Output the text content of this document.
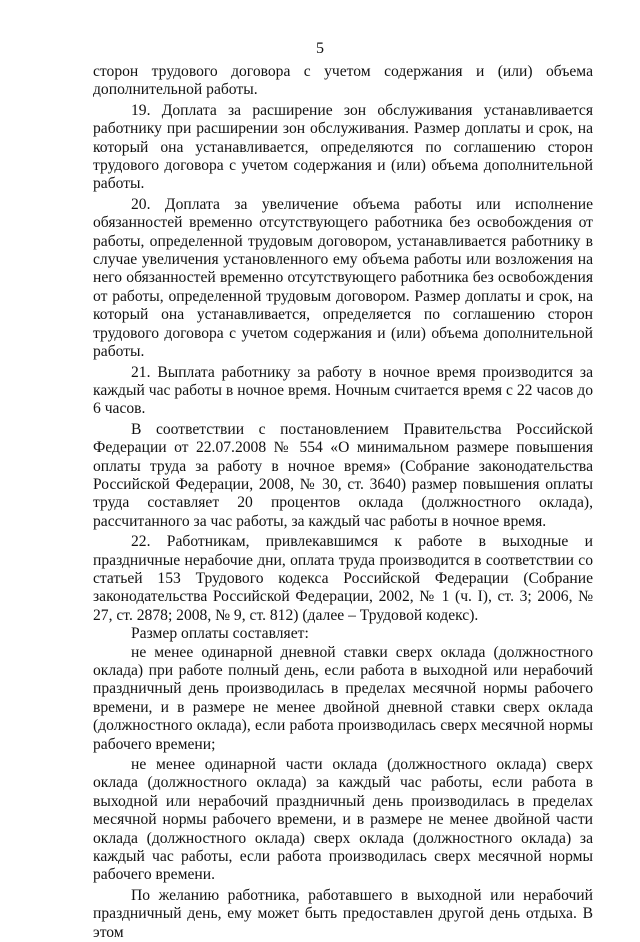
5

сторон трудового договора с учетом содержания и (или) объема дополнительной работы.

19. Доплата за расширение зон обслуживания устанавливается работнику при расширении зон обслуживания. Размер доплаты и срок, на который она устанавливается, определяются по соглашению сторон трудового договора с учетом содержания и (или) объема дополнительной работы.

20. Доплата за увеличение объема работы или исполнение обязанностей временно отсутствующего работника без освобождения от работы, определенной трудовым договором, устанавливается работнику в случае увеличения установленного ему объема работы или возложения на него обязанностей временно отсутствующего работника без освобождения от работы, определенной трудовым договором. Размер доплаты и срок, на который она устанавливается, определяется по соглашению сторон трудового договора с учетом содержания и (или) объема дополнительной работы.

21. Выплата работнику за работу в ночное время производится за каждый час работы в ночное время. Ночным считается время с 22 часов до 6 часов.

В соответствии с постановлением Правительства Российской Федерации от 22.07.2008 № 554 «О минимальном размере повышения оплаты труда за работу в ночное время» (Собрание законодательства Российской Федерации, 2008, № 30, ст. 3640) размер повышения оплаты труда составляет 20 процентов оклада (должностного оклада), рассчитанного за час работы, за каждый час работы в ночное время.

22. Работникам, привлекавшимся к работе в выходные и праздничные нерабочие дни, оплата труда производится в соответствии со статьей 153 Трудового кодекса Российской Федерации (Собрание законодательства Российской Федерации, 2002, № 1 (ч. I), ст. 3; 2006, № 27, ст. 2878; 2008, № 9, ст. 812) (далее – Трудовой кодекс).

Размер оплаты составляет:

не менее одинарной дневной ставки сверх оклада (должностного оклада) при работе полный день, если работа в выходной или нерабочий праздничный день производилась в пределах месячной нормы рабочего времени, и в размере не менее двойной дневной ставки сверх оклада (должностного оклада), если работа производилась сверх месячной нормы рабочего времени;

не менее одинарной части оклада (должностного оклада) сверх оклада (должностного оклада) за каждый час работы, если работа в выходной или нерабочий праздничный день производилась в пределах месячной нормы рабочего времени, и в размере не менее двойной части оклада (должностного оклада) сверх оклада (должностного оклада) за каждый час работы, если работа производилась сверх месячной нормы рабочего времени.

По желанию работника, работавшего в выходной или нерабочий праздничный день, ему может быть предоставлен другой день отдыха. В этом
